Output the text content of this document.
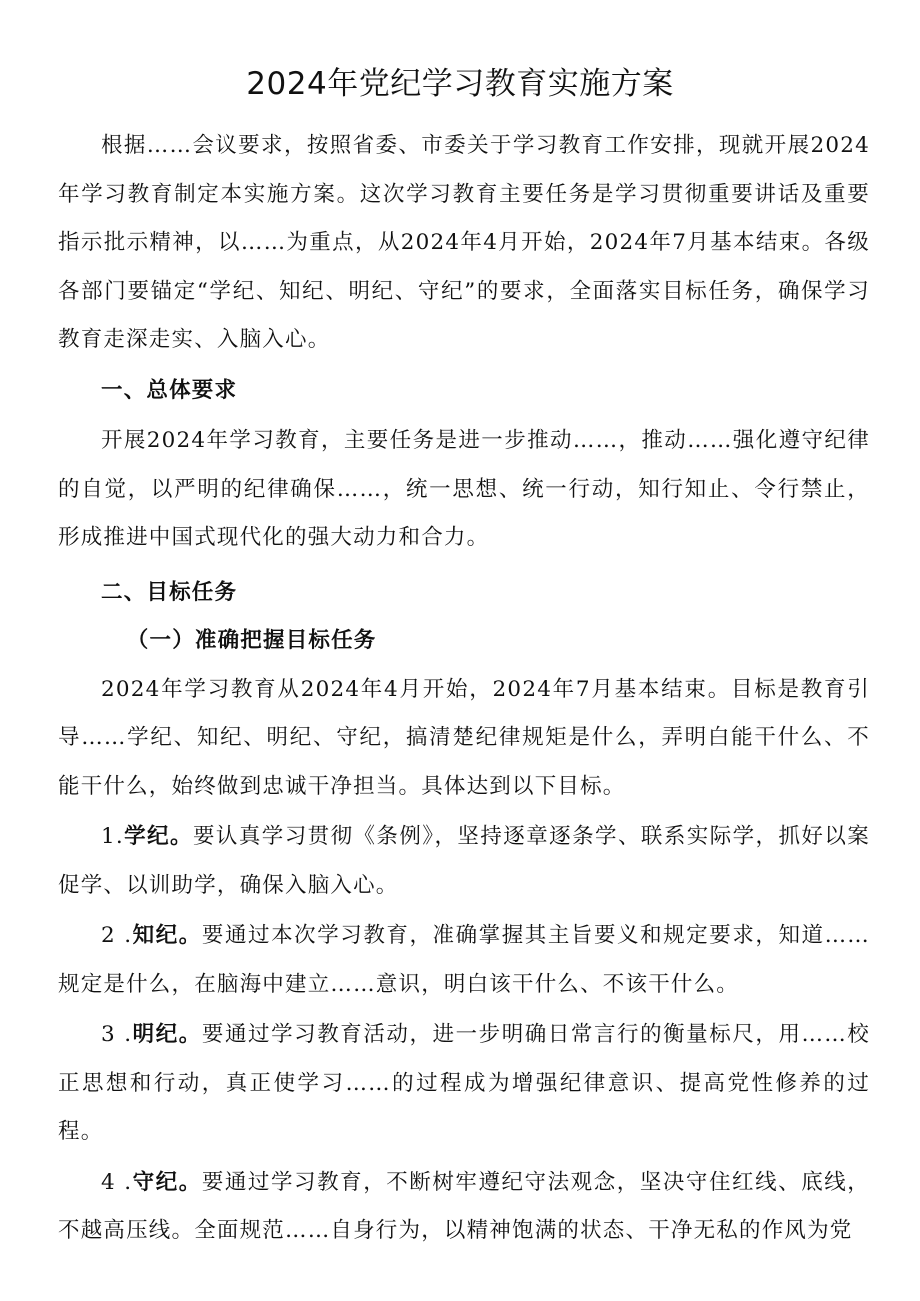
2024年党纪学习教育实施方案

根据……会议要求，按照省委、市委关于学习教育工作安排，现就开展2024年学习教育制定本实施方案。这次学习教育主要任务是学习贯彻重要讲话及重要指示批示精神，以……为重点，从2024年4月开始，2024年7月基本结束。各级各部门要锚定“学纪、知纪、明纪、守纪”的要求，全面落实目标任务，确保学习教育走深走实、入脑入心。

一、总体要求

开展2024年学习教育，主要任务是进一步推动……，推动……强化遵守纪律的自觉，以严明的纪律确保……，统一思想、统一行动，知行知止、令行禁止，形成推进中国式现代化的强大动力和合力。

二、目标任务

（一）准确把握目标任务

2024年学习教育从2024年4月开始，2024年7月基本结束。目标是教育引导……学纪、知纪、明纪、守纪，搞清楚纪律规矩是什么，弄明白能干什么、不能干什么，始终做到忠诚干净担当。具体达到以下目标。

1.学纪。要认真学习贯彻《条例》，坚持逐章逐条学、联系实际学，抓好以案促学、以训助学，确保入脑入心。

2 .知纪。要通过本次学习教育，准确掌握其主旨要义和规定要求，知道……规定是什么，在脑海中建立……意识，明白该干什么、不该干什么。

3 .明纪。要通过学习教育活动，进一步明确日常言行的衡量标尺，用……校正思想和行动，真正使学习……的过程成为增强纪律意识、提高党性修养的过程。

4 .守纪。要通过学习教育，不断树牢遵纪守法观念，坚决守住红线、底线，不越高压线。全面规范……自身行为，以精神饱满的状态、干净无私的作风为党
